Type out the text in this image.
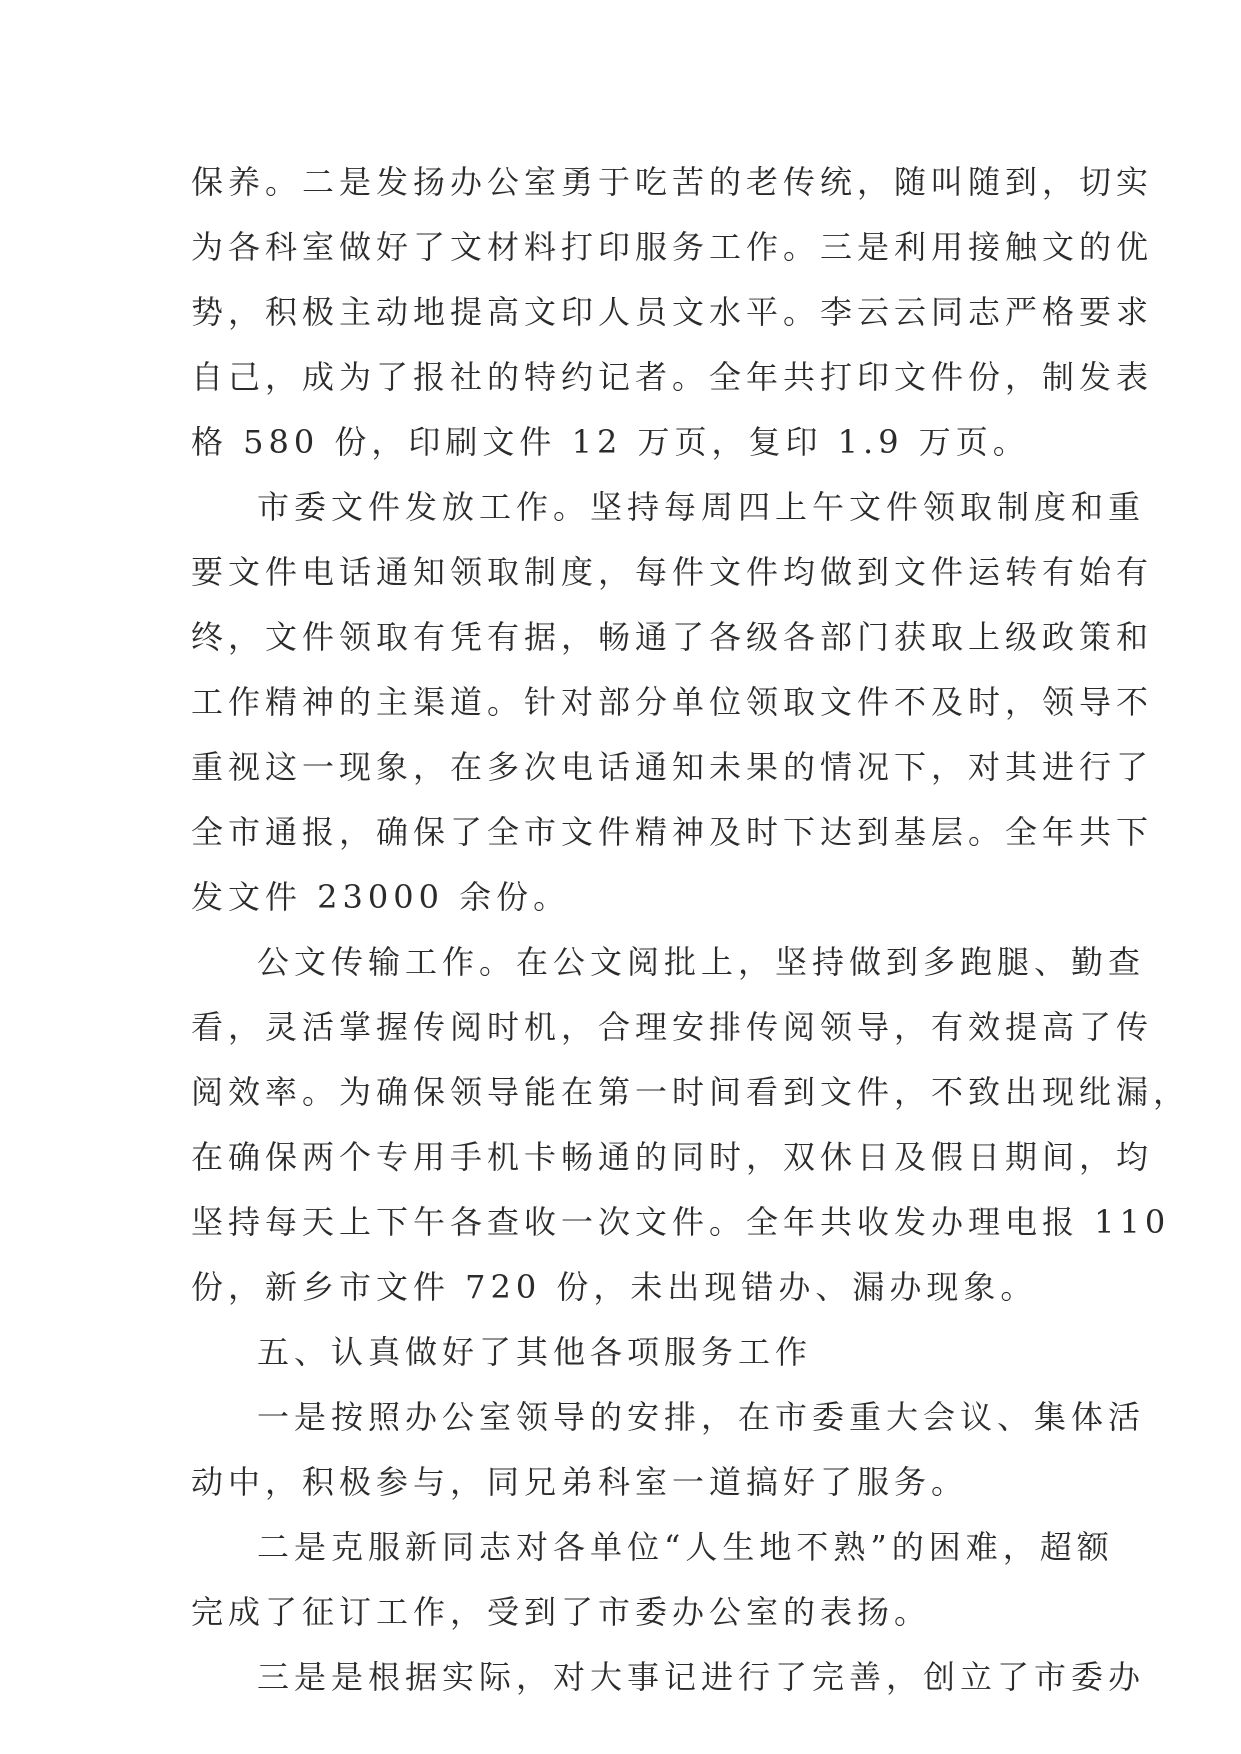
保养。二是发扬办公室勇于吃苦的老传统，随叫随到，切实
为各科室做好了文材料打印服务工作。三是利用接触文的优
势，积极主动地提高文印人员文水平。李云云同志严格要求
自己，成为了报社的特约记者。全年共打印文件份，制发表
格 580 份，印刷文件 12 万页，复印 1.9 万页。
市委文件发放工作。坚持每周四上午文件领取制度和重
要文件电话通知领取制度，每件文件均做到文件运转有始有
终，文件领取有凭有据，畅通了各级各部门获取上级政策和
工作精神的主渠道。针对部分单位领取文件不及时，领导不
重视这一现象，在多次电话通知未果的情况下，对其进行了
全市通报，确保了全市文件精神及时下达到基层。全年共下
发文件 23000 余份。
公文传输工作。在公文阅批上，坚持做到多跑腿、勤查
看，灵活掌握传阅时机，合理安排传阅领导，有效提高了传
阅效率。为确保领导能在第一时间看到文件，不致出现纰漏，
在确保两个专用手机卡畅通的同时，双休日及假日期间，均
坚持每天上下午各查收一次文件。全年共收发办理电报 110
份，新乡市文件 720 份，未出现错办、漏办现象。
五、认真做好了其他各项服务工作
一是按照办公室领导的安排，在市委重大会议、集体活
动中，积极参与，同兄弟科室一道搞好了服务。
二是克服新同志对各单位“人生地不熟”的困难，超额
完成了征订工作，受到了市委办公室的表扬。
三是是根据实际，对大事记进行了完善，创立了市委办
